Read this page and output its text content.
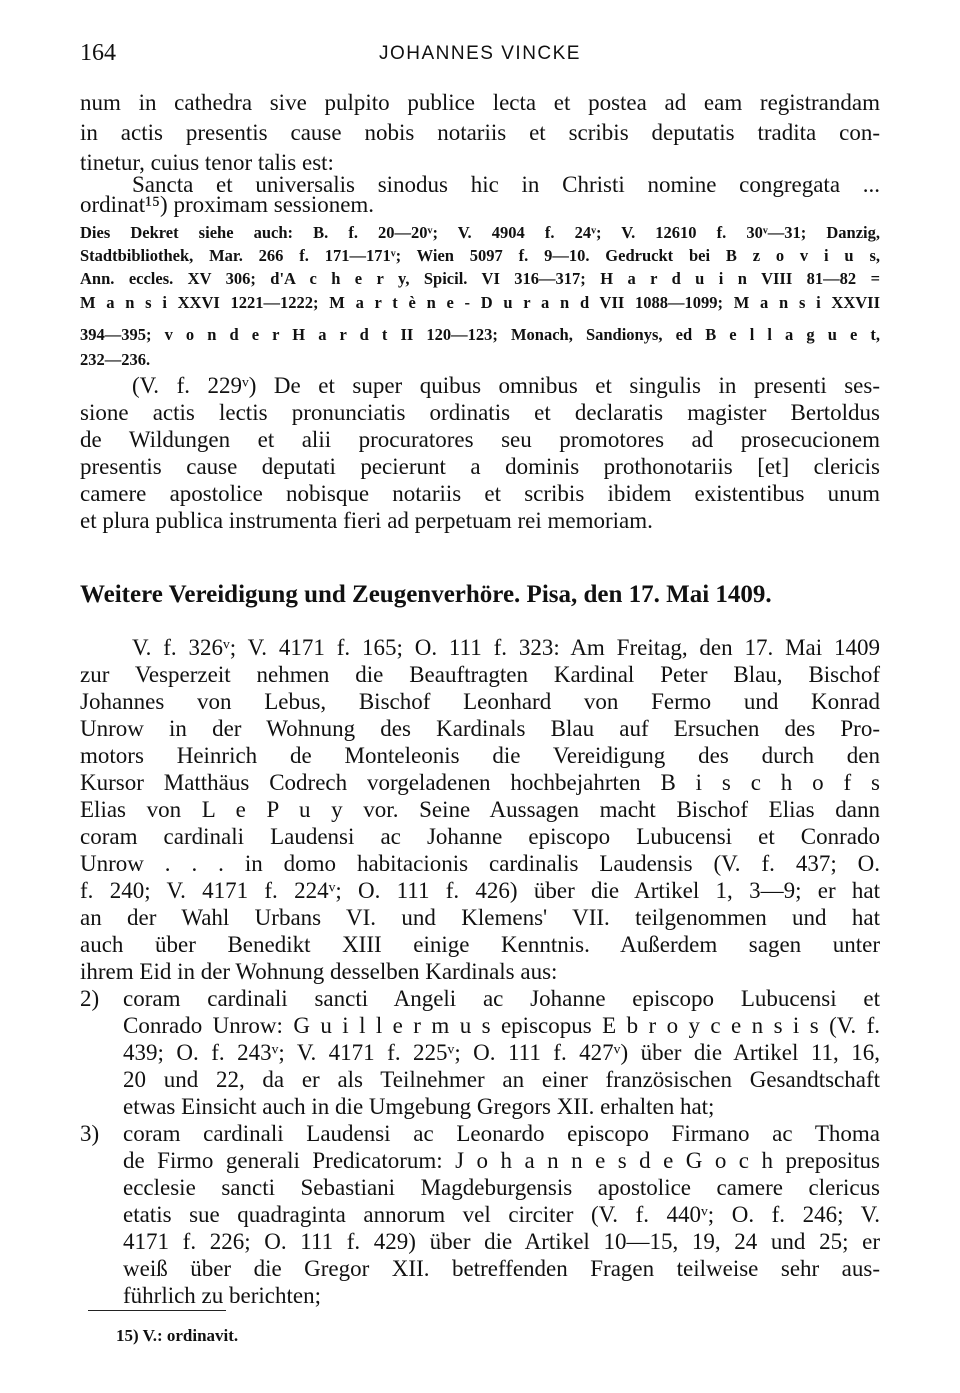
164	JOHANNES VINCKE
num in cathedra sive pulpito publice lecta et postea ad eam registrandam
in actis presentis cause nobis notariis et scribis deputatis tradita con-
tinetur, cuius tenor talis est:
Sancta et universalis sinodus hic in Christi nomine congregata ...
ordinat¹⁵) proximam sessionem.
Dies Dekret siehe auch: B. f. 20—20ᵛ; V. 4904 f. 24ᵛ; V. 12610 f. 30ᵛ—31; Danzig,
Stadtbibliothek, Mar. 266 f. 171—171ᵛ; Wien 5097 f. 9—10. Gedruckt bei B z o v i u s,
Ann. eccles. XV 306; d'A c h e r y, Spicil. VI 316—317; H a r d u i n VIII 81—82 =
M a n s i XXVI 1221—1222; M a r t è n e - D u r a n d VII 1088—1099; M a n s i XXVII
394—395; v o n d e r H a r d t II 120—123; Monach, Sandionys, ed B e l l a g u e t,
232—236.
(V. f. 229ᵛ) De et super quibus omnibus et singulis in presenti ses-
sione actis lectis pronunciatis ordinatis et declaratis magister Bertoldus
de Wildungen et alii procuratores seu promotores ad prosecucionem
presentis cause deputati pecierunt a dominis prothonotariis [et] clericis
camere apostolice nobisque notariis et scribis ibidem existentibus unum
et plura publica instrumenta fieri ad perpetuam rei memoriam.
Weitere Vereidigung und Zeugenverhöre. Pisa, den 17. Mai 1409.
V. f. 326ᵛ; V. 4171 f. 165; O. 111 f. 323: Am Freitag, den 17. Mai 1409
zur Vesperzeit nehmen die Beauftragten Kardinal Peter Blau, Bischof
Johannes von Lebus, Bischof Leonhard von Fermo und Konrad
Unrow in der Wohnung des Kardinals Blau auf Ersuchen des Pro-
motors Heinrich de Monteleonis die Vereidigung des durch den
Kursor Matthäus Codrech vorgeladenen hochbejahrten B i s c h o f s
Elias von L e P u y vor. Seine Aussagen macht Bischof Elias dann
coram cardinali Laudensi ac Johanne episcopo Lubucensi et Conrado
Unrow . . . in domo habitacionis cardinalis Laudensis (V. f. 437; O.
f. 240; V. 4171 f. 224ᵛ; O. 111 f. 426) über die Artikel 1, 3—9; er hat
an der Wahl Urbans VI. und Klemens' VII. teilgenommen und hat
auch über Benedikt XIII einige Kenntnis. Außerdem sagen unter
ihrem Eid in der Wohnung desselben Kardinals aus:
2) coram cardinali sancti Angeli ac Johanne episcopo Lubucensi et
Conrado Unrow: G u i l l e r m u s episcopus E b r o y c e n s i s (V. f.
439; O. f. 243ᵛ; V. 4171 f. 225ᵛ; O. 111 f. 427ᵛ) über die Artikel 11, 16,
20 und 22, da er als Teilnehmer an einer französischen Gesandtschaft
etwas Einsicht auch in die Umgebung Gregors XII. erhalten hat;
3) coram cardinali Laudensi ac Leonardo episcopo Firmano ac Thoma
de Firmo generali Predicatorum: J o h a n n e s d e G o c h prepositus
ecclesie sancti Sebastiani Magdeburgensis apostolice camere clericus
etatis sue quadraginta annorum vel circiter (V. f. 440ᵛ; O. f. 246; V.
4171 f. 226; O. 111 f. 429) über die Artikel 10—15, 19, 24 und 25; er
weiß über die Gregor XII. betreffenden Fragen teilweise sehr aus-
führlich zu berichten;
15) V.: ordinavit.
